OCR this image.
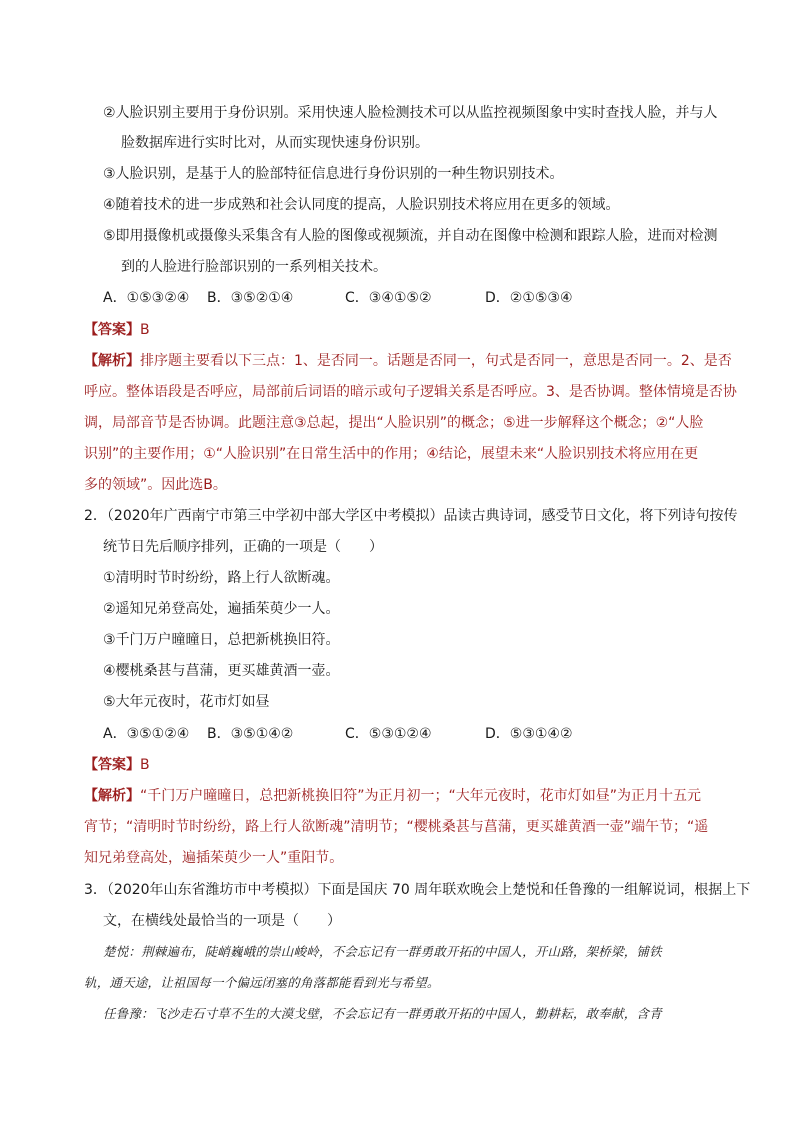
②人脸识别主要用于身份识别。采用快速人脸检测技术可以从监控视频图象中实时查找人脸，并与人
脸数据库进行实时比对，从而实现快速身份识别。
③人脸识别，是基于人的脸部特征信息进行身份识别的一种生物识别技术。
④随着技术的进一步成熟和社会认同度的提高，人脸识别技术将应用在更多的领域。
⑤即用摄像机或摄像头采集含有人脸的图像或视频流，并自动在图像中检测和跟踪人脸，进而对检测
到的人脸进行脸部识别的一系列相关技术。
A．①⑤③②④ B．③⑤②①④	C．③④①⑤②	D．②①⑤③④
【答案】B
【解析】排序题主要看以下三点：1、是否同一。话题是否同一，句式是否同一，意思是否同一。2、是否
呼应。整体语段是否呼应，局部前后词语的暗示或句子逻辑关系是否呼应。3、是否协调。整体情境是否协
调，局部音节是否协调。此题注意③总起，提出“人脸识别”的概念；⑤进一步解释这个概念；②“人脸
识别”的主要作用；①“人脸识别”在日常生活中的作用；④结论，展望未来“人脸识别技术将应用在更
多的领域”。因此选B。
2．（2020年广西南宁市第三中学初中部大学区中考模拟）品读古典诗词，感受节日文化，将下列诗句按传
统节日先后顺序排列，正确的一项是（　　）
①清明时节时纷纷，路上行人欲断魂。
②遥知兄弟登高处，遍插茱萸少一人。
③千门万户曈曈日，总把新桃换旧符。
④樱桃桑甚与菖蒲，更买雄黄酒一壶。
⑤大年元夜时，花市灯如昼
A．③⑤①②④ B．③⑤①④②	C．⑤③①②④	D．⑤③①④②
【答案】B
【解析】“千门万户曈曈日，总把新桃换旧符”为正月初一；“大年元夜时，花市灯如昼”为正月十五元
宵节；“清明时节时纷纷，路上行人欲断魂”清明节；“樱桃桑甚与菖蒲，更买雄黄酒一壶”端午节；“遥
知兄弟登高处，遍插茱萸少一人”重阳节。
3．（2020年山东省潍坊市中考模拟）下面是国庆 70 周年联欢晚会上楚悦和任鲁豫的一组解说词，根据上下
文，在横线处最恰当的一项是（　　）
楚悦：荆棘遍布，陡峭巍峨的崇山峻岭，不会忘记有一群勇敢开拓的中国人，开山路，架桥梁，铺铁
轨，通天途，让祖国每一个偏远闭塞的角落都能看到光与希望。
任鲁豫：飞沙走石寸草不生的大漠戈壁，不会忘记有一群勇敢开拓的中国人，勤耕耘，敢奉献，含青
